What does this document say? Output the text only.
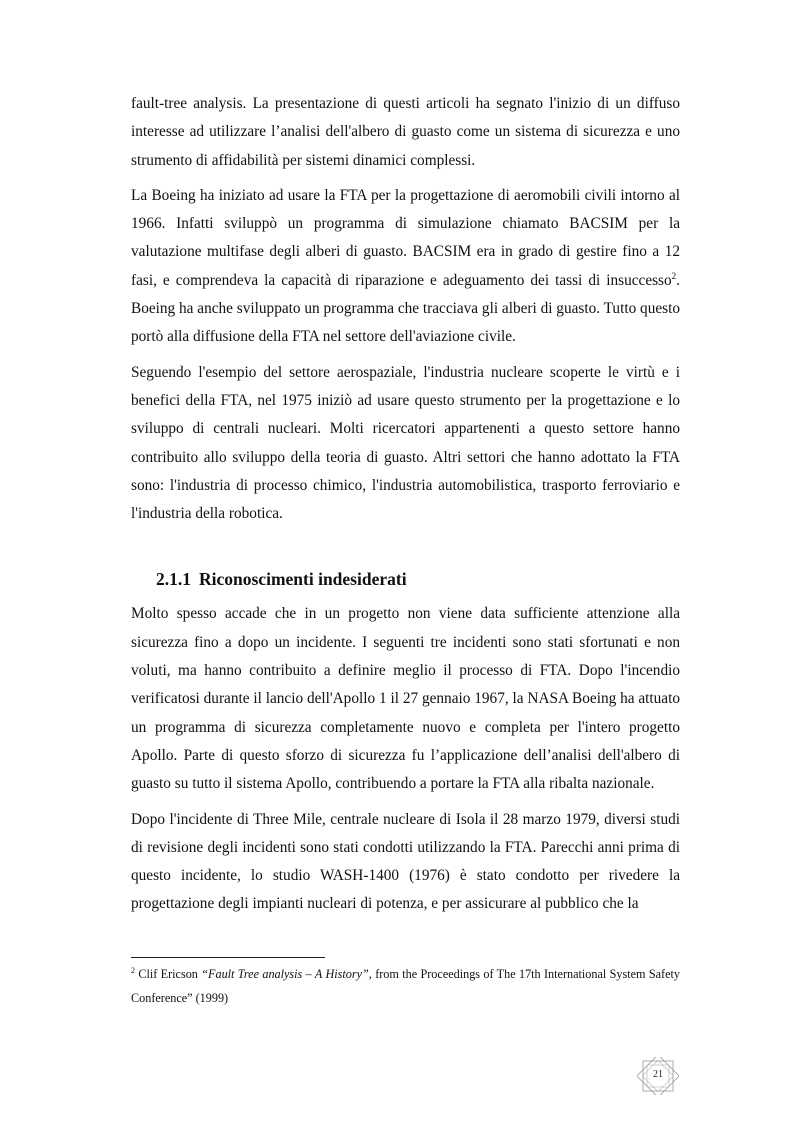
fault-tree analysis. La presentazione di questi articoli ha segnato l'inizio di un diffuso interesse ad utilizzare l’analisi dell'albero di guasto come un sistema di sicurezza e uno strumento di affidabilità per sistemi dinamici complessi.

La Boeing ha iniziato ad usare la FTA per la progettazione di aeromobili civili intorno al 1966. Infatti sviluppò un programma di simulazione chiamato BACSIM per la valutazione multifase degli alberi di guasto. BACSIM era in grado di gestire fino a 12 fasi, e comprendeva la capacità di riparazione e adeguamento dei tassi di insuccesso$^2$. Boeing ha anche sviluppato un programma che tracciava gli alberi di guasto. Tutto questo portò alla diffusione della FTA nel settore dell'aviazione civile.

Seguendo l'esempio del settore aerospaziale, l'industria nucleare scoperte le virtù e i benefici della FTA, nel 1975 iniziò ad usare questo strumento per la progettazione e lo sviluppo di centrali nucleari. Molti ricercatori appartenenti a questo settore hanno contribuito allo sviluppo della teoria di guasto. Altri settori che hanno adottato la FTA sono: l'industria di processo chimico, l'industria automobilistica, trasporto ferroviario e l'industria della robotica.

2.1.1 Riconoscimenti indesiderati

Molto spesso accade che in un progetto non viene data sufficiente attenzione alla sicurezza fino a dopo un incidente. I seguenti tre incidenti sono stati sfortunati e non voluti, ma hanno contribuito a definire meglio il processo di FTA. Dopo l'incendio verificatosi durante il lancio dell'Apollo 1 il 27 gennaio 1967, la NASA Boeing ha attuato un programma di sicurezza completamente nuovo e completa per l'intero progetto Apollo. Parte di questo sforzo di sicurezza fu l’applicazione dell’analisi dell'albero di guasto su tutto il sistema Apollo, contribuendo a portare la FTA alla ribalta nazionale.

Dopo l'incidente di Three Mile, centrale nucleare di Isola il 28 marzo 1979, diversi studi di revisione degli incidenti sono stati condotti utilizzando la FTA. Parecchi anni prima di questo incidente, lo studio WASH-1400 (1976) è stato condotto per rivedere la progettazione degli impianti nucleari di potenza, e per assicurare al pubblico che la

$^2$ Clif Ericson “Fault Tree analysis – A History”, from the Proceedings of The 17th International System Safety Conference” (1999)

21
